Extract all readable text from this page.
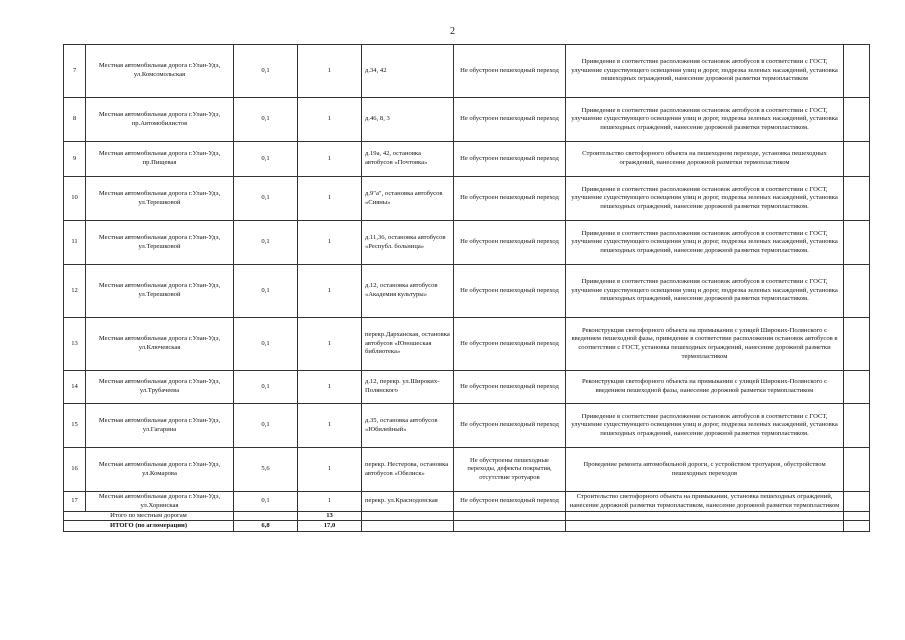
2
7	Местная автомобильная дорога г.Улан-Удэ, ул.Комсомольская	0,1	1	д.34, 42	Не обустроен пешеходный переход	Приведение в соответствие расположения остановок автобусов в соответствии с ГОСТ, улучшение существующего освещения улиц и дорог, подрезка зеленых насаждений, установка пешеходных ограждений, нанесение дорожной разметки термопластиком	
8	Местная автомобильная дорога г.Улан-Удэ, пр.Автомобилистов	0,1	1	д.46, 8, 3	Не обустроен пешеходный переход	Приведение в соответствие расположения остановок автобусов в соответствии с ГОСТ, улучшение существующего освещения улиц и дорог, подрезка зеленых насаждений, установка пешеходных ограждений, нанесение дорожной разметки термопластиком.	
9	Местная автомобильная дорога г.Улан-Удэ, пр.Пищевая	0,1	1	д.19а, 42, остановка автобусов «Почтовка»	Не обустроен пешеходный переход	Строительство светофорного объекта на пешеходном переходе, установка пешеходных ограждений, нанесение дорожной разметки термопластиком	
10	Местная автомобильная дорога г.Улан-Удэ, ул.Терешковой	0,1	1	д.9"а", остановка автобусов «Сияны»	Не обустроен пешеходный переход	Приведение в соответствие расположения остановок автобусов в соответствии с ГОСТ, улучшение существующего освещения улиц и дорог, подрезка зеленых насаждений, установка пешеходных ограждений, нанесение дорожной разметки термопластиком.	
11	Местная автомобильная дорога г.Улан-Удэ, ул.Терешковой	0,1	1	д.11,36, остановка автобусов «Республ. больница»	Не обустроен пешеходный переход	Приведение в соответствие расположения остановок автобусов в соответствии с ГОСТ, улучшение существующего освещения улиц и дорог, подрезка зеленых насаждений, установка пешеходных ограждений, нанесение дорожной разметки термопластиком.	
12	Местная автомобильная дорога г.Улан-Удэ, ул.Терешковой	0,1	1	д.12, остановка автобусов «Академия культуры»	Не обустроен пешеходный переход	Приведение в соответствие расположения остановок автобусов в соответствии с ГОСТ, улучшение существующего освещения улиц и дорог, подрезка зеленых насаждений, установка пешеходных ограждений, нанесение дорожной разметки термопластиком.	
13	Местная автомобильная дорога г.Улан-Удэ, ул.Ключевская	0,1	1	перекр.Дарханская, остановка автобусов «Юношеская библиотека»	Не обустроен пешеходный переход	Реконструкция светофорного объекта на примыкании с улицей Широких-Полянского с введением пешеходной фазы, приведение в соответствие расположения остановок автобусов в соответствии с ГОСТ, установка пешеходных ограждений, нанесение дорожной разметки термопластиком	
14	Местная автомобильная дорога г.Улан-Удэ, ул.Трубачеева	0,1	1	д.12, перекр. ул.Широких-Полянского	Не обустроен пешеходный переход	Реконструкция светофорного объекта на примыкании с улицей Широких-Полянского с введением пешеходной фазы, нанесение дорожной разметки термопластиком	
15	Местная автомобильная дорога г.Улан-Удэ, ул.Гагарина	0,1	1	д.35, остановка автобусов «Юбилейный»	Не обустроен пешеходный переход	Приведение в соответствие расположения остановок автобусов в соответствии с ГОСТ, улучшение существующего освещения улиц и дорог, подрезка зеленых насаждений, установка пешеходных ограждений, нанесение дорожной разметки термопластиком.	
16	Местная автомобильная дорога г.Улан-Удэ, ул.Комарова	5,6	1	перекр. Нестерова, остановка автобусов «Обелиск»	Не обустроены пешеходные переходы, дефекты покрытия, отсутствие тротуаров	Проведение ремонта автомобильной дороги, с устройством тротуаров, обустройством пешеходных переходов	
17	Местная автомобильная дорога г.Улан-Удэ, ул.Хоринская	0,1	1	перекр. ул.Краснодонская	Не обустроен пешеходный переход	Строительство светофорного объекта на примыкании, установка пешеходных ограждений, нанесение дорожной разметки термопластиком, нанесение дорожной разметки термопластиком	
Итого по местным дорогам			13				
ИТОГО (по агломерации)		6,8	17,0				
